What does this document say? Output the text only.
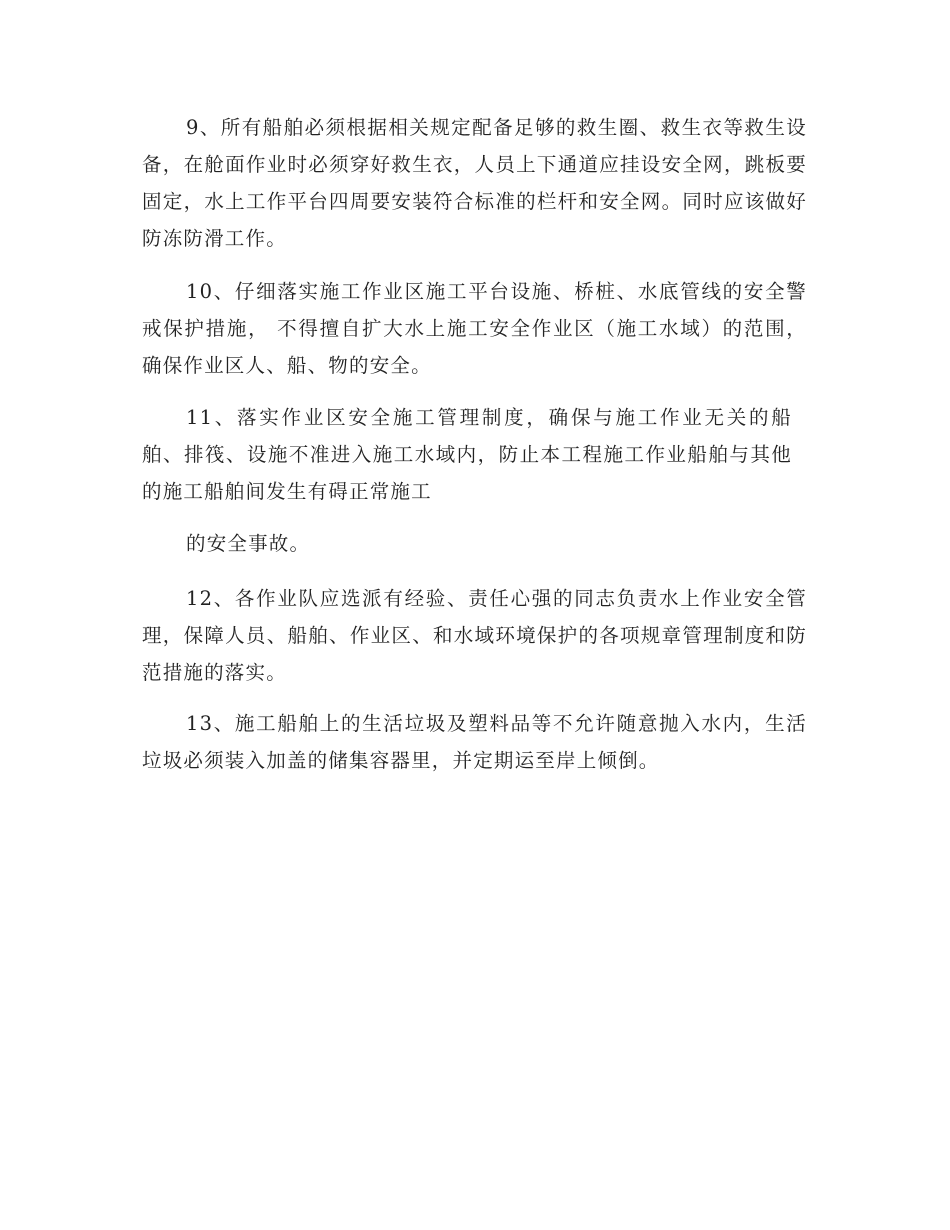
9、所有船舶必须根据相关规定配备足够的救生圈、救生衣等救生设备，在舱面作业时必须穿好救生衣，人员上下通道应挂设安全网，跳板要固定，水上工作平台四周要安装符合标准的栏杆和安全网。同时应该做好防冻防滑工作。

10、仔细落实施工作业区施工平台设施、桥桩、水底管线的安全警戒保护措施， 不得擅自扩大水上施工安全作业区（施工水域）的范围，确保作业区人、船、物的安全。

11、落实作业区安全施工管理制度，确保与施工作业无关的船舶、排筏、设施不准进入施工水域内，防止本工程施工作业船舶与其他的施工船舶间发生有碍正常施工

的安全事故。

12、各作业队应选派有经验、责任心强的同志负责水上作业安全管理，保障人员、船舶、作业区、和水域环境保护的各项规章管理制度和防范措施的落实。

13、施工船舶上的生活垃圾及塑料品等不允许随意抛入水内，生活垃圾必须装入加盖的储集容器里，并定期运至岸上倾倒。
